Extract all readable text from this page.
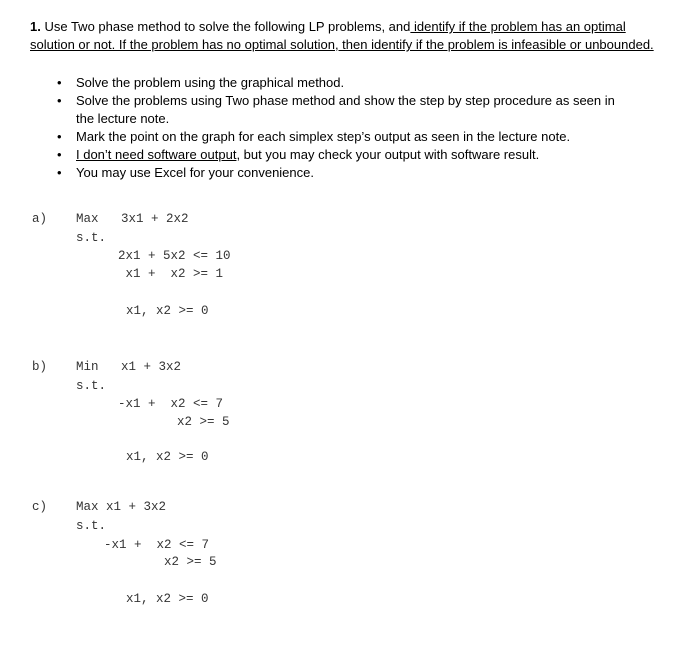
1. Use Two phase method to solve the following LP problems, and identify if the problem has an optimal solution or not. If the problem has no optimal solution, then identify if the problem is infeasible or unbounded.
• Solve the problem using the graphical method.
• Solve the problems using Two phase method and show the step by step procedure as seen in the lecture note.
• Mark the point on the graph for each simplex step’s output as seen in the lecture note.
• I don’t need software output, but you may check your output with software result.
• You may use Excel for your convenience.
a) Max   3x1 + 2x2
s.t.
2x1 + 5x2 <= 10
x1 +  x2 >= 1
x1, x2 >= 0
b) Min   x1 + 3x2
s.t.
-x1 +  x2 <= 7
x2 >= 5
x1, x2 >= 0
c) Max x1 + 3x2
s.t.
-x1 +  x2 <= 7
x2 >= 5
x1, x2 >= 0
